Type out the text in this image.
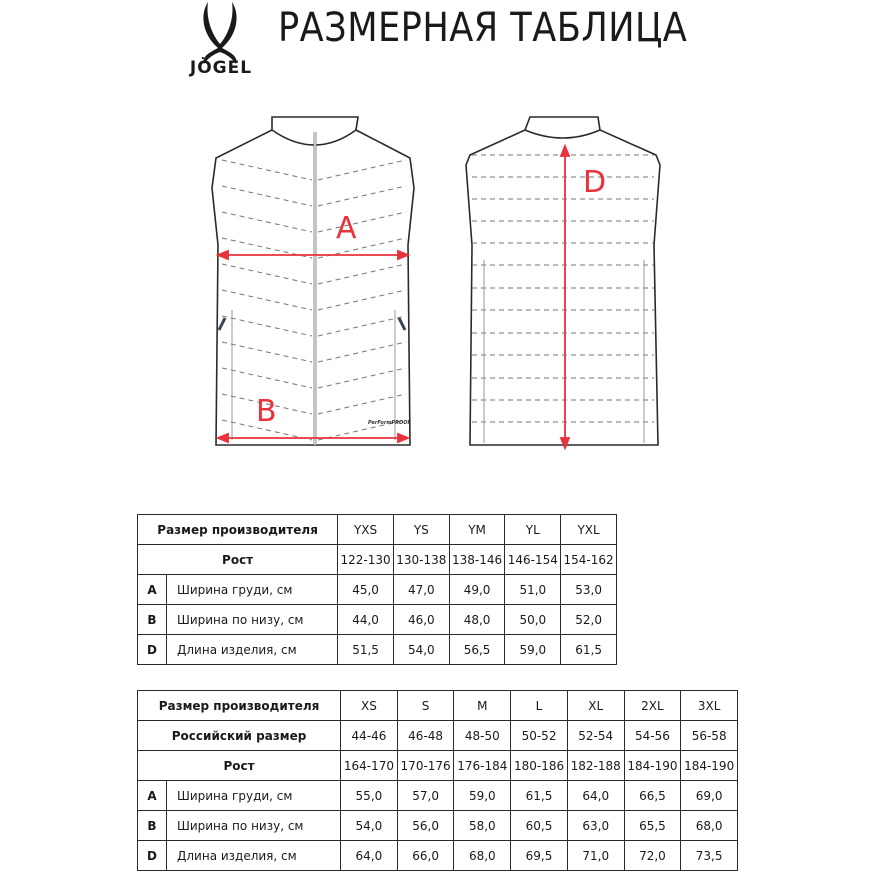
JÖGEL
РАЗМЕРНАЯ ТАБЛИЦА
A
B
D
PerFormPROOF
Размер производителя		YXS	YS	YM	YL	YXL
Рост		122-130	130-138	138-146	146-154	154-162
A	Ширина груди, см	45,0	47,0	49,0	51,0	53,0
B	Ширина по низу, см	44,0	46,0	48,0	50,0	52,0
D	Длина изделия, см	51,5	54,0	56,5	59,0	61,5
Размер производителя		XS	S	M	L	XL	2XL	3XL
Российский размер		44-46	46-48	48-50	50-52	52-54	54-56	56-58
Рост		164-170	170-176	176-184	180-186	182-188	184-190	184-190
A	Ширина груди, см	55,0	57,0	59,0	61,5	64,0	66,5	69,0
B	Ширина по низу, см	54,0	56,0	58,0	60,5	63,0	65,5	68,0
D	Длина изделия, см	64,0	66,0	68,0	69,5	71,0	72,0	73,5
